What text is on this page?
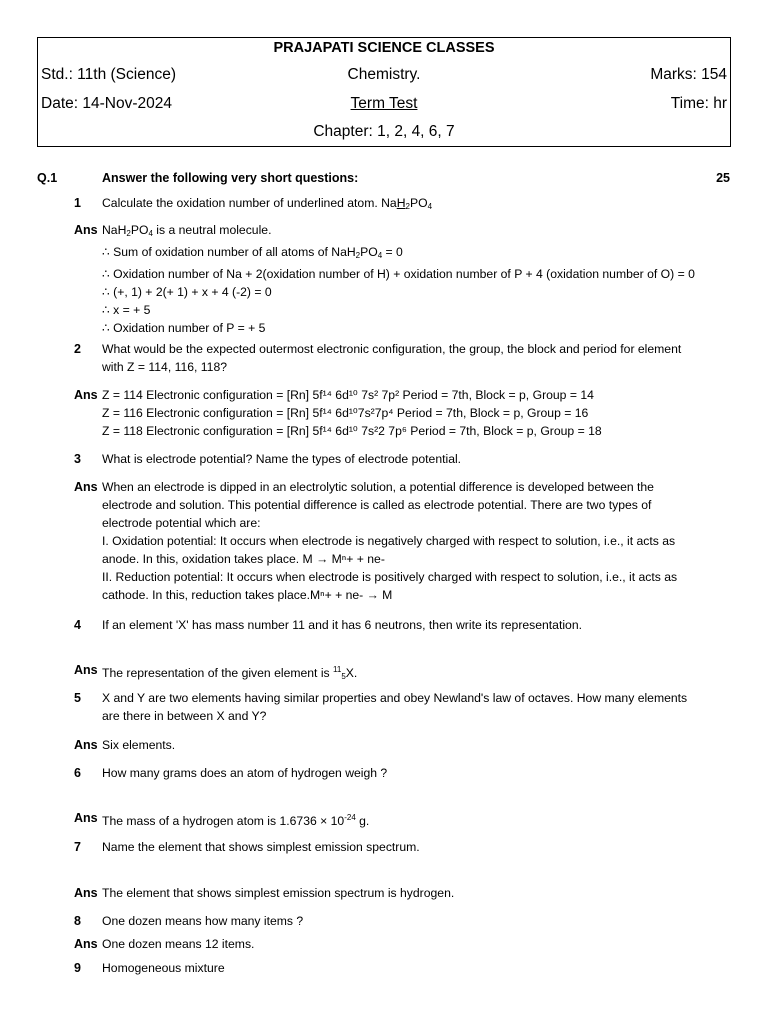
PRAJAPATI SCIENCE CLASSES
Std.: 11th (Science)	Chemistry.	Marks: 154
Date: 14-Nov-2024	Term Test	Time: hr
Chapter: 1, 2, 4, 6, 7
Q.1	Answer the following very short questions:	25
1 Calculate the oxidation number of underlined atom. $NaH_2PO_4$
Ans $NaH_2PO_4$ is a neutral molecule.
∴ Sum of oxidation number of all atoms of $NaH_2PO_4 = 0$
∴ Oxidation number of Na + 2(oxidation number of H) + oxidation number of P + 4 (oxidation number of O) = 0
∴ (+, 1) + 2(+ 1) + x + 4 (-2) = 0
∴ x = + 5
∴ Oxidation number of P = + 5
2 What would be the expected outermost electronic configuration, the group, the block and period for element
with Z = 114, 116, 118?
Ans Z = 114 Electronic configuration = [Rn] 5f¹⁴ 6d¹⁰ 7s² 7p² Period = 7th, Block = p, Group = 14
Z = 116 Electronic configuration = [Rn] 5f¹⁴ 6d¹⁰7s²7p⁴ Period = 7th, Block = p, Group = 16
Z = 118 Electronic configuration = [Rn] 5f¹⁴ 6d¹⁰ 7s²2 7p⁶ Period = 7th, Block = p, Group = 18
3 What is electrode potential? Name the types of electrode potential.
Ans When an electrode is dipped in an electrolytic solution, a potential difference is developed between the
electrode and solution. This potential difference is called as electrode potential. There are two types of
electrode potential which are:
I. Oxidation potential: It occurs when electrode is negatively charged with respect to solution, i.e., it acts as
anode. In this, oxidation takes place. M → Mⁿ+ + ne-
II. Reduction potential: It occurs when electrode is positively charged with respect to solution, i.e., it acts as
cathode. In this, reduction takes place.Mⁿ+ + ne- → M
4 If an element 'X' has mass number 11 and it has 6 neutrons, then write its representation.
Ans The representation of the given element is $^{11}_5$X.
5 X and Y are two elements having similar properties and obey Newland's law of octaves. How many elements
are there in between X and Y?
Ans Six elements.
6 How many grams does an atom of hydrogen weigh ?
Ans The mass of a hydrogen atom is $1.6736 \times 10^{-24}$ g.
7 Name the element that shows simplest emission spectrum.
Ans The element that shows simplest emission spectrum is hydrogen.
8 One dozen means how many items ?
Ans One dozen means 12 items.
9 Homogeneous mixture
